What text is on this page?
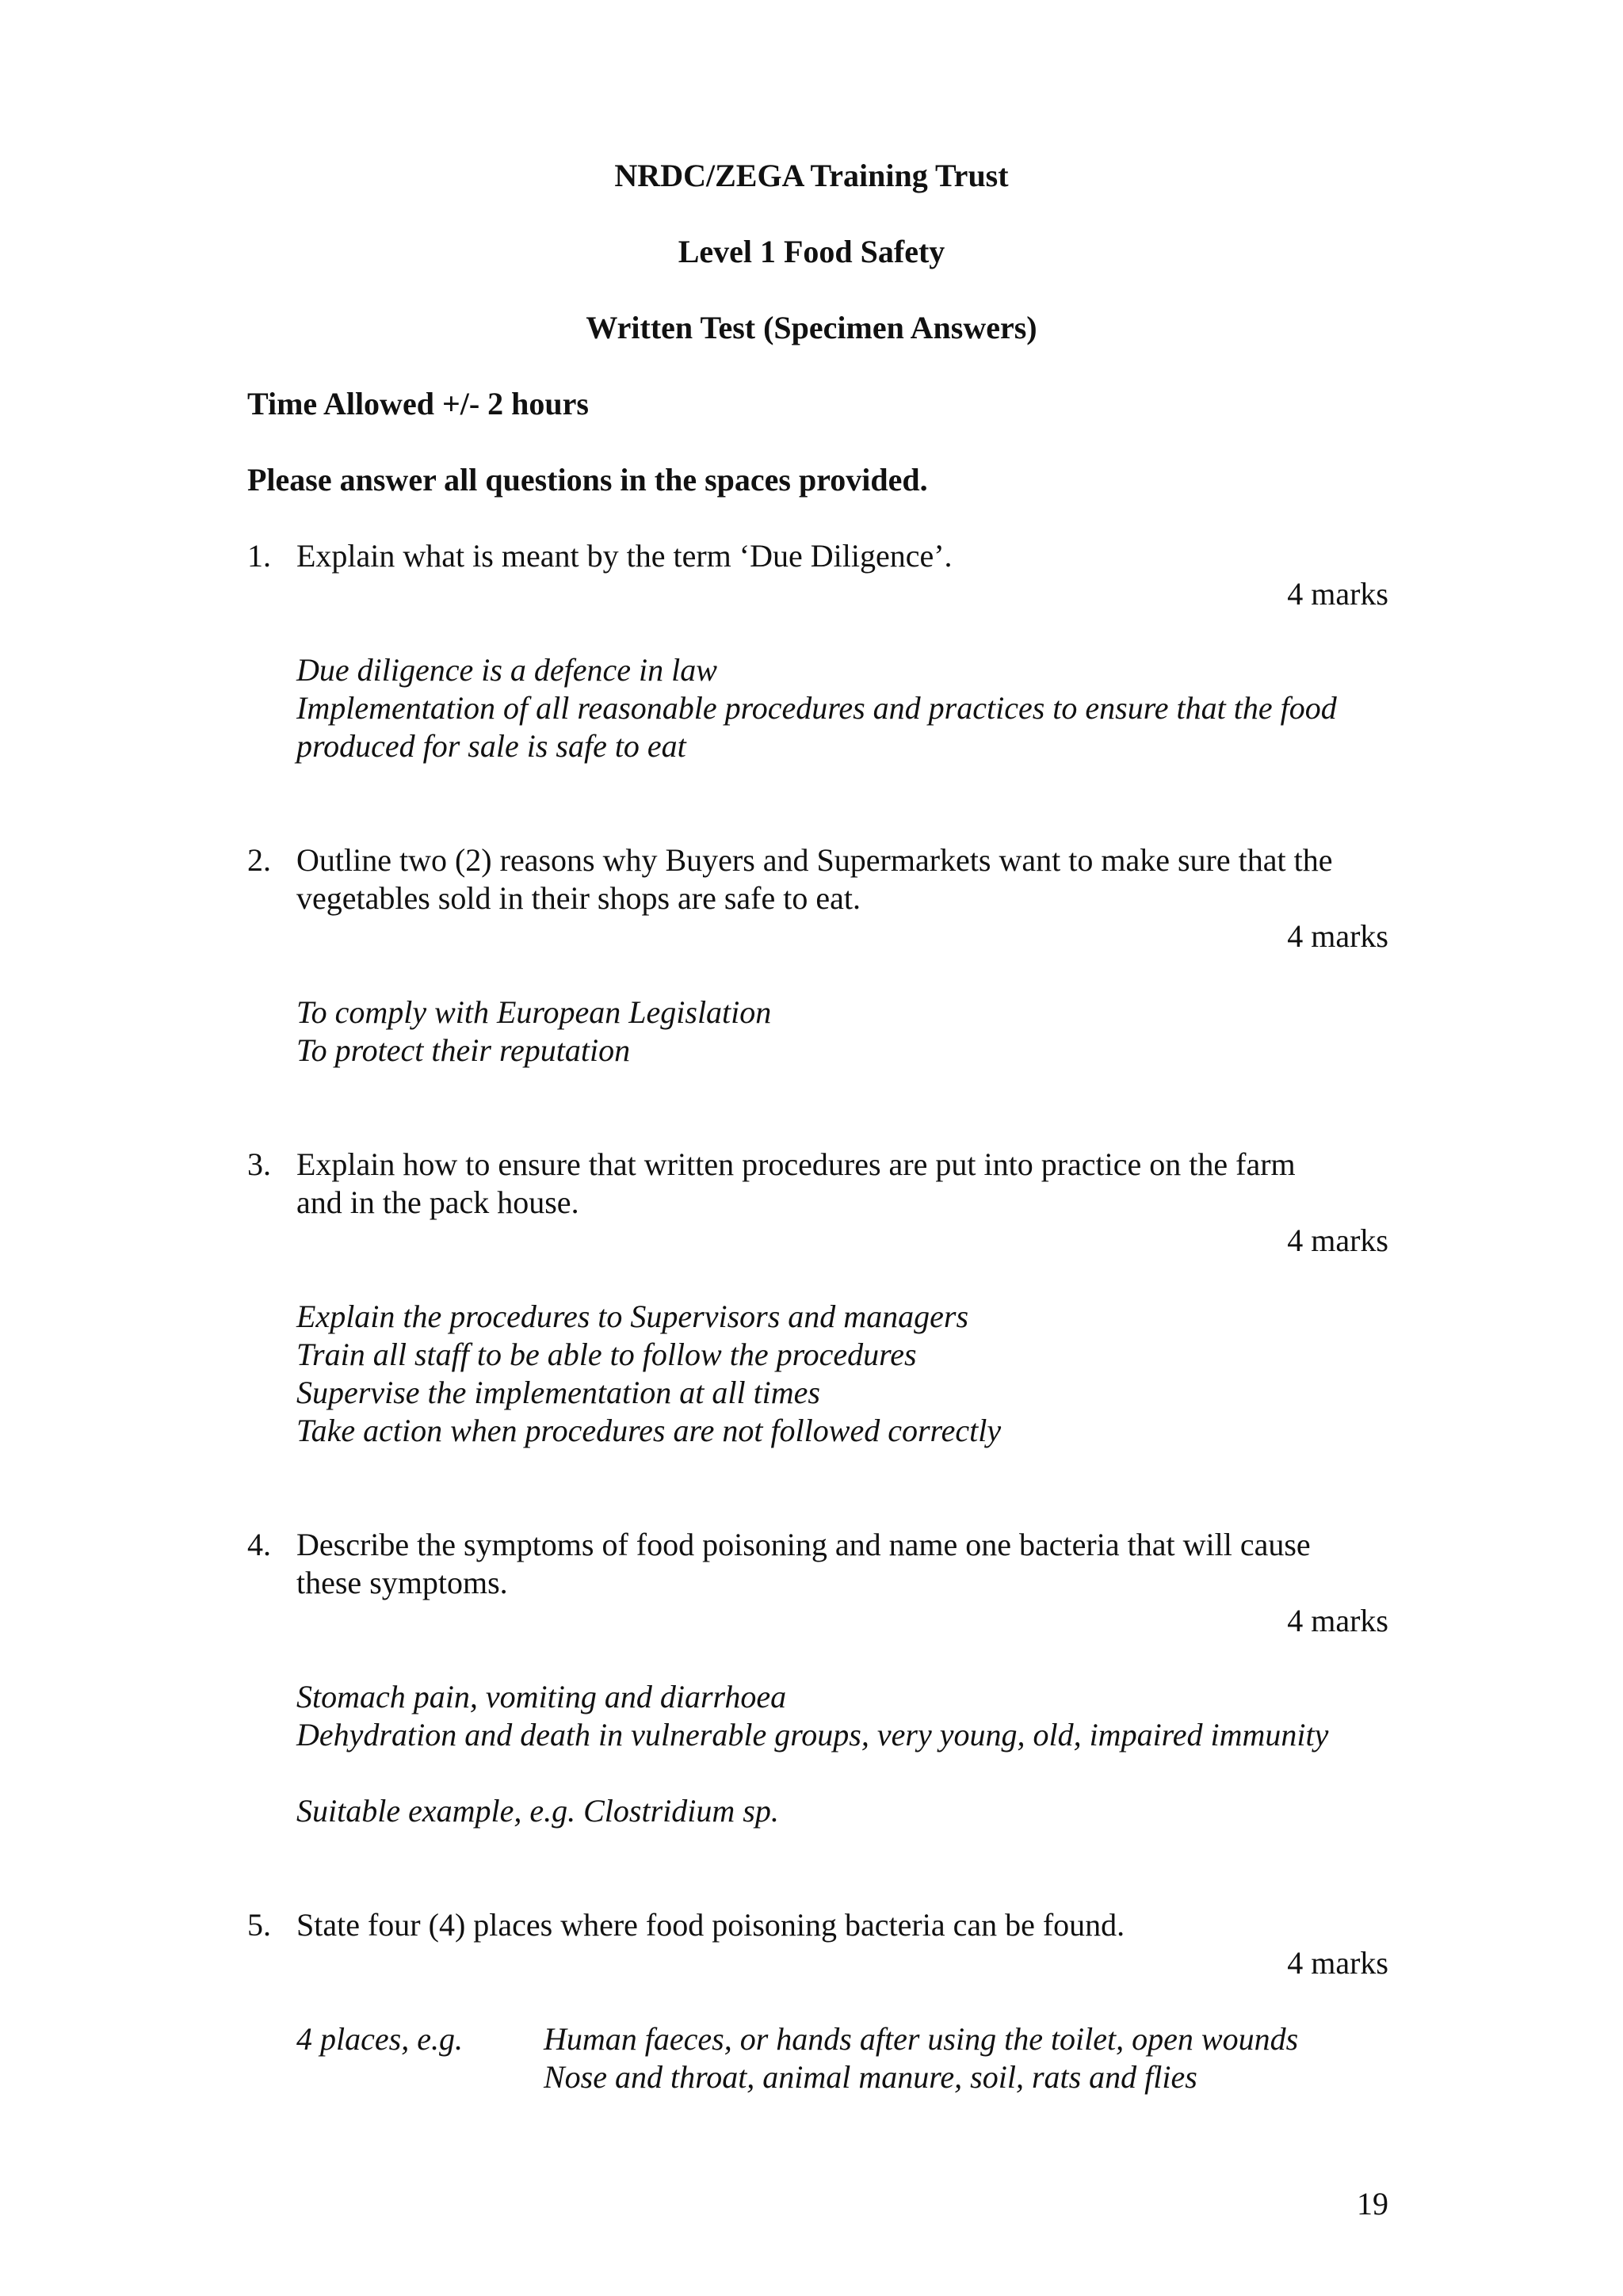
NRDC/ZEGA Training Trust
Level 1 Food Safety
Written Test (Specimen Answers)
Time Allowed +/- 2 hours
Please answer all questions in the spaces provided.
1. Explain what is meant by the term ‘Due Diligence’.
4 marks
Due diligence is a defence in law
Implementation of all reasonable procedures and practices to ensure that the food
produced for sale is safe to eat
2. Outline two (2) reasons why Buyers and Supermarkets want to make sure that the
vegetables sold in their shops are safe to eat.
4 marks
To comply with European Legislation
To protect their reputation
3. Explain how to ensure that written procedures are put into practice on the farm
and in the pack house.
4 marks
Explain the procedures to Supervisors and managers
Train all staff to be able to follow the procedures
Supervise the implementation at all times
Take action when procedures are not followed correctly
4. Describe the symptoms of food poisoning and name one bacteria that will cause
these symptoms.
4 marks
Stomach pain, vomiting and diarrhoea
Dehydration and death in vulnerable groups, very young, old, impaired immunity
Suitable example, e.g. Clostridium sp.
5. State four (4) places where food poisoning bacteria can be found.
4 marks
4 places, e.g.	Human faeces, or hands after using the toilet, open wounds
Nose and throat, animal manure, soil, rats and flies
19
